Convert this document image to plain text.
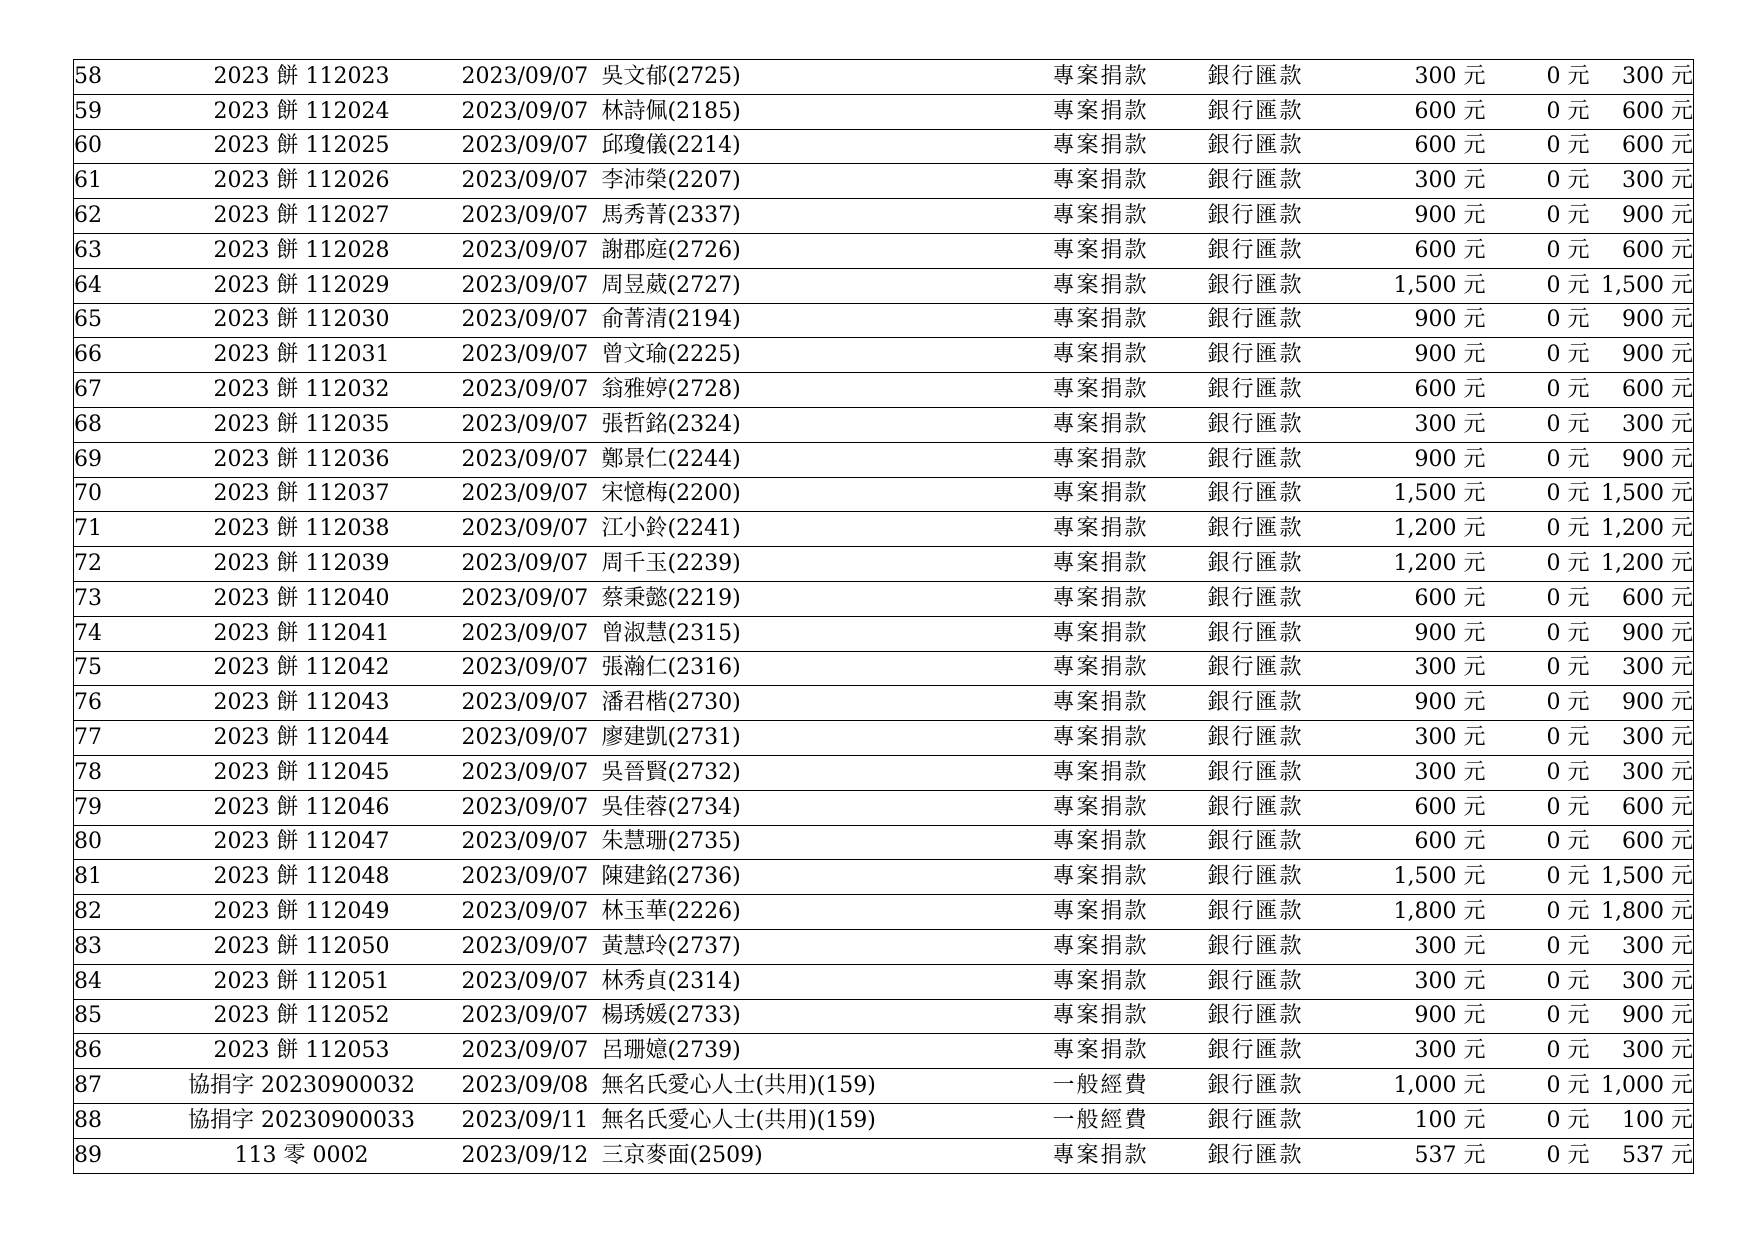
58	2023 餅 112023	2023/09/07	吳文郁(2725)	專案捐款	銀行匯款	300 元	0 元	300 元
59	2023 餅 112024	2023/09/07	林詩佩(2185)	專案捐款	銀行匯款	600 元	0 元	600 元
60	2023 餅 112025	2023/09/07	邱瓊儀(2214)	專案捐款	銀行匯款	600 元	0 元	600 元
61	2023 餅 112026	2023/09/07	李沛榮(2207)	專案捐款	銀行匯款	300 元	0 元	300 元
62	2023 餅 112027	2023/09/07	馬秀菁(2337)	專案捐款	銀行匯款	900 元	0 元	900 元
63	2023 餅 112028	2023/09/07	謝郡庭(2726)	專案捐款	銀行匯款	600 元	0 元	600 元
64	2023 餅 112029	2023/09/07	周昱葳(2727)	專案捐款	銀行匯款	1,500 元	0 元	1,500 元
65	2023 餅 112030	2023/09/07	俞菁清(2194)	專案捐款	銀行匯款	900 元	0 元	900 元
66	2023 餅 112031	2023/09/07	曾文瑜(2225)	專案捐款	銀行匯款	900 元	0 元	900 元
67	2023 餅 112032	2023/09/07	翁雅婷(2728)	專案捐款	銀行匯款	600 元	0 元	600 元
68	2023 餅 112035	2023/09/07	張哲銘(2324)	專案捐款	銀行匯款	300 元	0 元	300 元
69	2023 餅 112036	2023/09/07	鄭景仁(2244)	專案捐款	銀行匯款	900 元	0 元	900 元
70	2023 餅 112037	2023/09/07	宋憶梅(2200)	專案捐款	銀行匯款	1,500 元	0 元	1,500 元
71	2023 餅 112038	2023/09/07	江小鈴(2241)	專案捐款	銀行匯款	1,200 元	0 元	1,200 元
72	2023 餅 112039	2023/09/07	周千玉(2239)	專案捐款	銀行匯款	1,200 元	0 元	1,200 元
73	2023 餅 112040	2023/09/07	蔡秉懿(2219)	專案捐款	銀行匯款	600 元	0 元	600 元
74	2023 餅 112041	2023/09/07	曾淑慧(2315)	專案捐款	銀行匯款	900 元	0 元	900 元
75	2023 餅 112042	2023/09/07	張瀚仁(2316)	專案捐款	銀行匯款	300 元	0 元	300 元
76	2023 餅 112043	2023/09/07	潘君楷(2730)	專案捐款	銀行匯款	900 元	0 元	900 元
77	2023 餅 112044	2023/09/07	廖建凱(2731)	專案捐款	銀行匯款	300 元	0 元	300 元
78	2023 餅 112045	2023/09/07	吳晉賢(2732)	專案捐款	銀行匯款	300 元	0 元	300 元
79	2023 餅 112046	2023/09/07	吳佳蓉(2734)	專案捐款	銀行匯款	600 元	0 元	600 元
80	2023 餅 112047	2023/09/07	朱慧珊(2735)	專案捐款	銀行匯款	600 元	0 元	600 元
81	2023 餅 112048	2023/09/07	陳建銘(2736)	專案捐款	銀行匯款	1,500 元	0 元	1,500 元
82	2023 餅 112049	2023/09/07	林玉華(2226)	專案捐款	銀行匯款	1,800 元	0 元	1,800 元
83	2023 餅 112050	2023/09/07	黃慧玲(2737)	專案捐款	銀行匯款	300 元	0 元	300 元
84	2023 餅 112051	2023/09/07	林秀貞(2314)	專案捐款	銀行匯款	300 元	0 元	300 元
85	2023 餅 112052	2023/09/07	楊琇媛(2733)	專案捐款	銀行匯款	900 元	0 元	900 元
86	2023 餅 112053	2023/09/07	呂珊嬑(2739)	專案捐款	銀行匯款	300 元	0 元	300 元
87	協捐字 20230900032	2023/09/08	無名氏愛心人士(共用)(159)	一般經費	銀行匯款	1,000 元	0 元	1,000 元
88	協捐字 20230900033	2023/09/11	無名氏愛心人士(共用)(159)	一般經費	銀行匯款	100 元	0 元	100 元
89	113 零 0002	2023/09/12	三京麥面(2509)	專案捐款	銀行匯款	537 元	0 元	537 元
